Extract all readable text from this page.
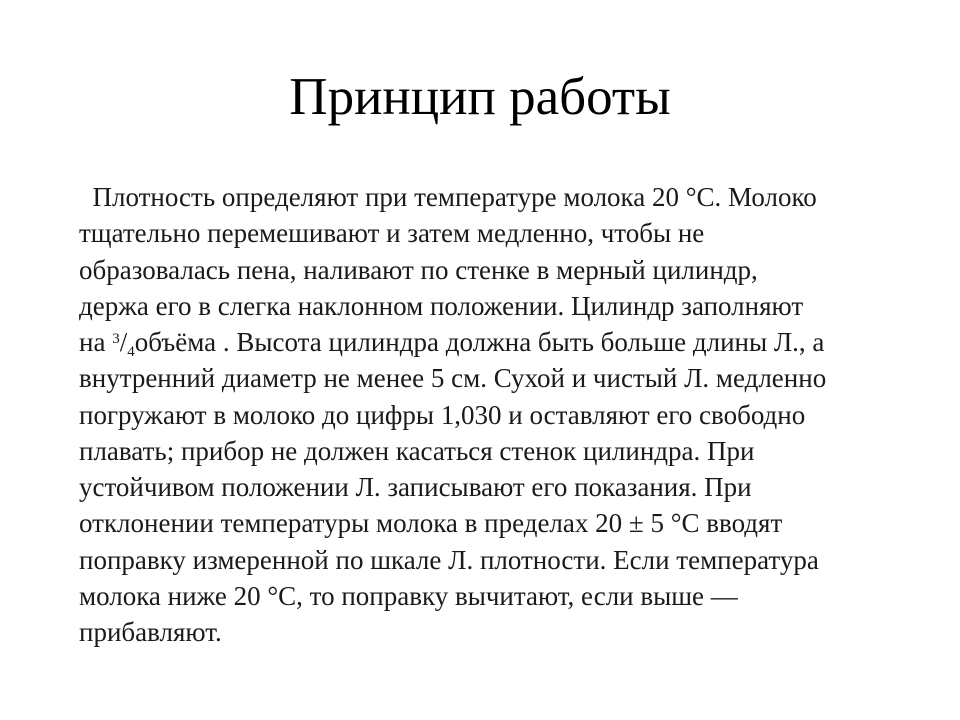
Принцип работы
Плотность определяют при температуре молока 20 °С. Молоко
тщательно перемешивают и затем медленно, чтобы не
образовалась пена, наливают по стенке в мерный цилиндр,
держа его в слегка наклонном положении. Цилиндр заполняют
на $^3/_4объёма$ . Высота цилиндра должна быть больше длины Л., а
внутренний диаметр не менее 5 см. Сухой и чистый Л. медленно
погружают в молоко до цифры 1,030 и оставляют его свободно
плавать; прибор не должен касаться стенок цилиндра. При
устойчивом положении Л. записывают его показания. При
отклонении температуры молока в пределах 20 ± 5 °С вводят
поправку измеренной по шкале Л. плотности. Если температура
молока ниже 20 °С, то поправку вычитают, если выше —
прибавляют.
